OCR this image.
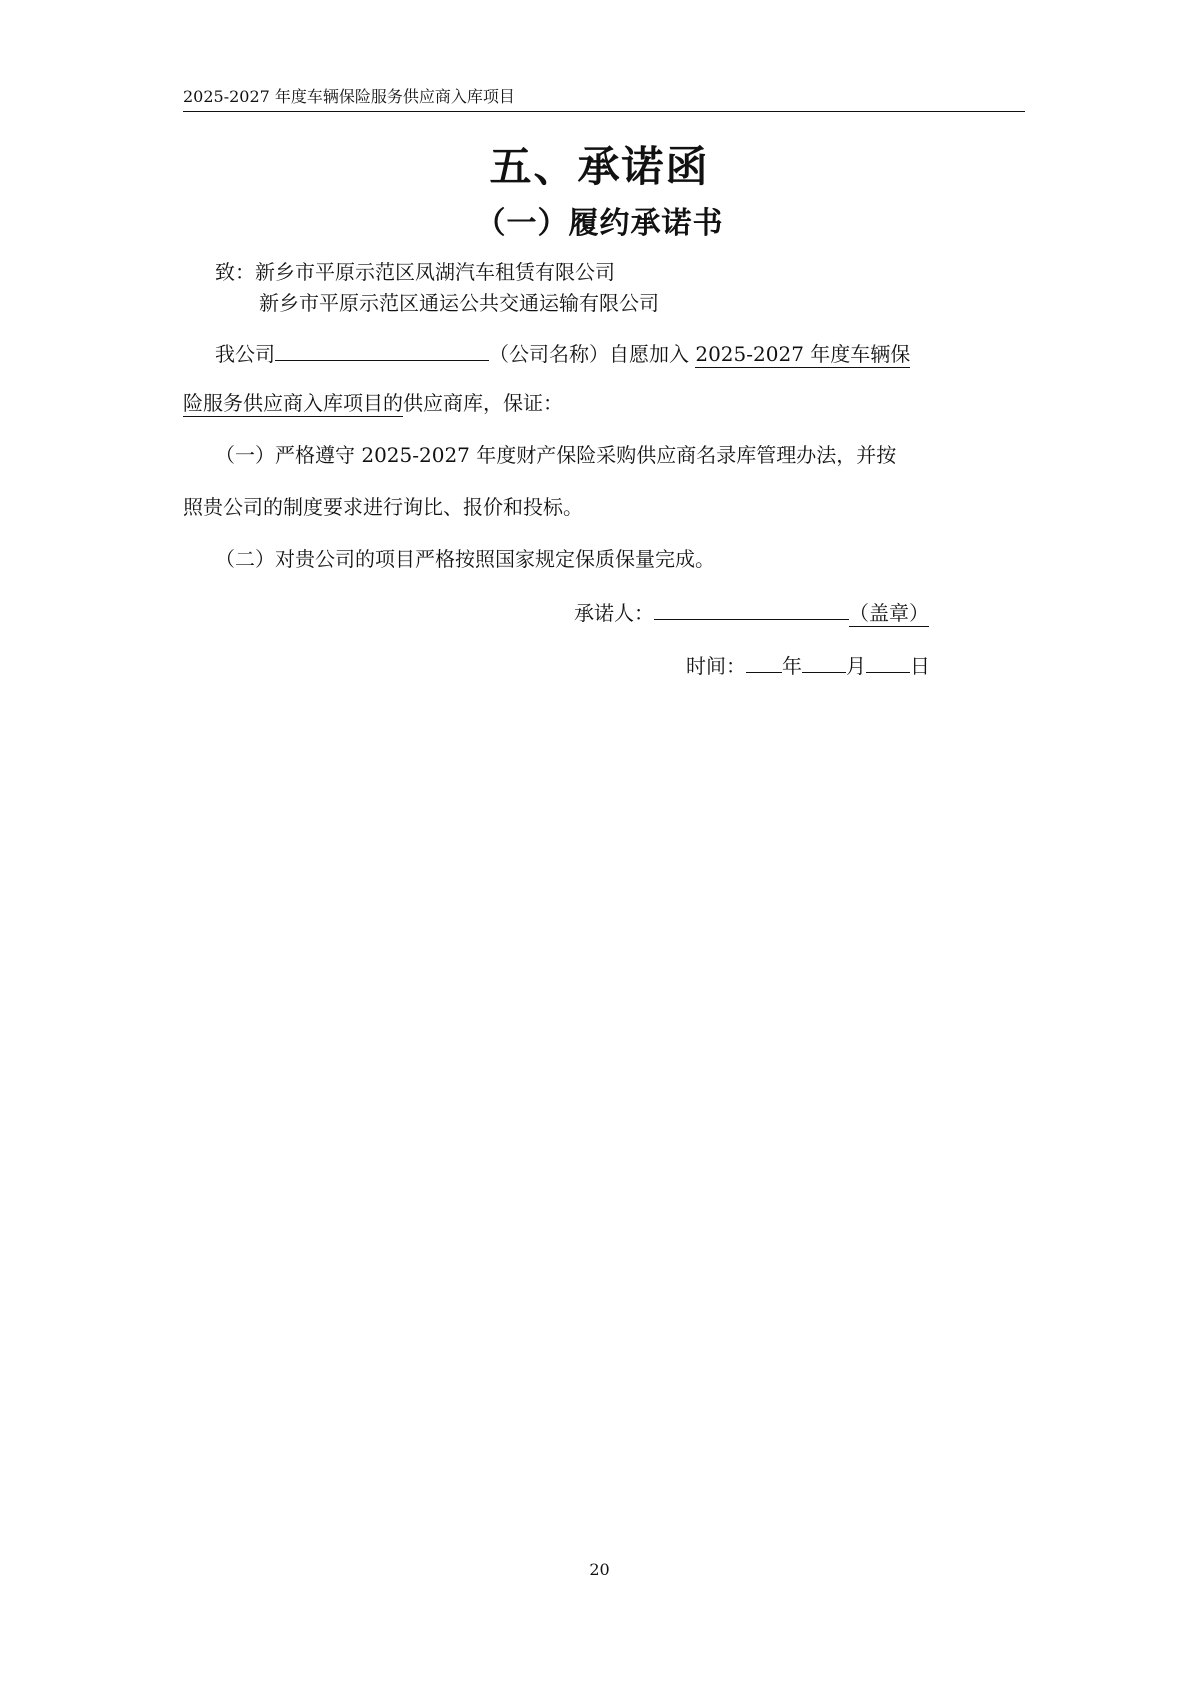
2025-2027 年度车辆保险服务供应商入库项目
五、承诺函
（一）履约承诺书
致：新乡市平原示范区凤湖汽车租赁有限公司
新乡市平原示范区通运公共交通运输有限公司
我公司	（公司名称）自愿加入 2025-2027 年度车辆保
险服务供应商入库项目的供应商库，保证：
（一）严格遵守 2025-2027 年度财产保险采购供应商名录库管理办法，并按
照贵公司的制度要求进行询比、报价和投标。
（二）对贵公司的项目严格按照国家规定保质保量完成。
承诺人：	（盖章）
时间： 年 月 日
20
